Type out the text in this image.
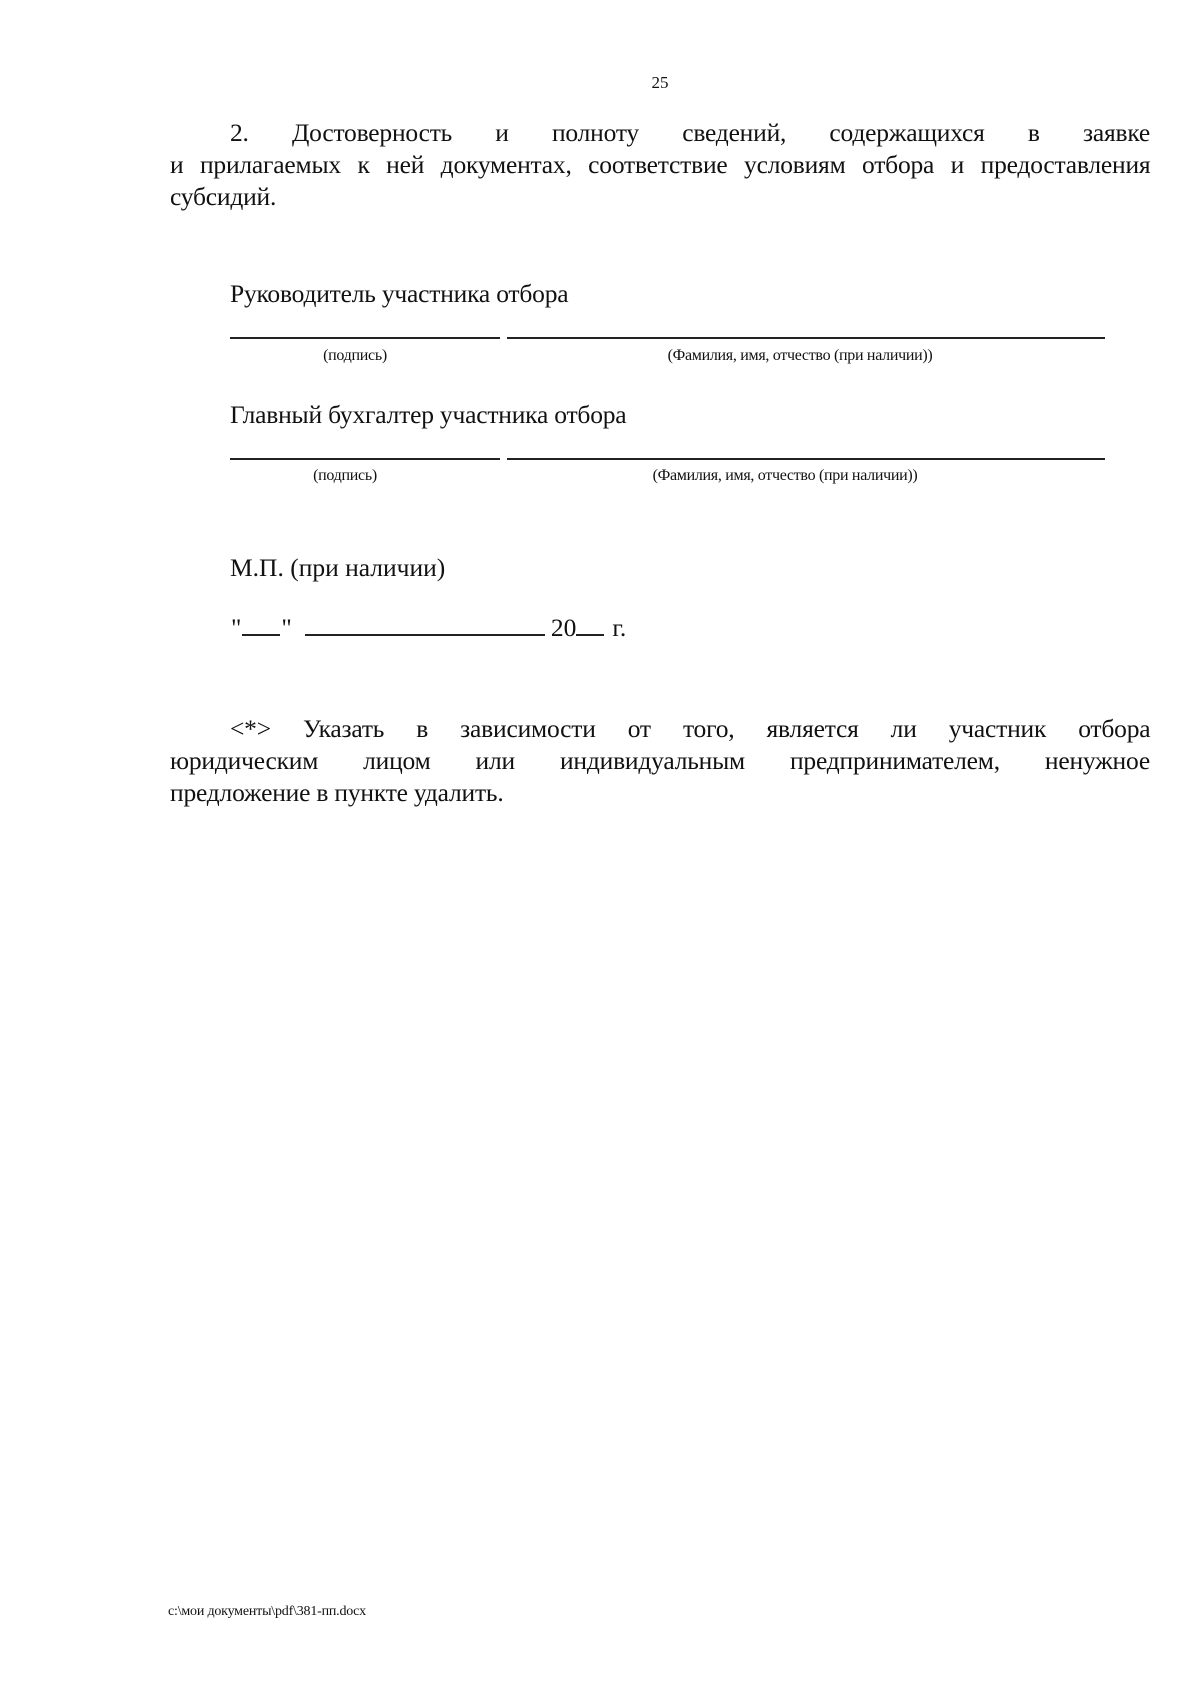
25
2. Достоверность и полноту сведений, содержащихся в заявке
и прилагаемых к ней документах, соответствие условиям отбора и предоставления
субсидий.
Руководитель участника отбора
(подпись)	(Фамилия, имя, отчество (при наличии))
Главный бухгалтер участника отбора
(подпись)	(Фамилия, имя, отчество (при наличии))
М.П. (при наличии)
" "	20 г.
<*> Указать в зависимости от того, является ли участник отбора
юридическим лицом или индивидуальным предпринимателем, ненужное
предложение в пункте удалить.
c:\мои документы\pdf\381-пп.docx
